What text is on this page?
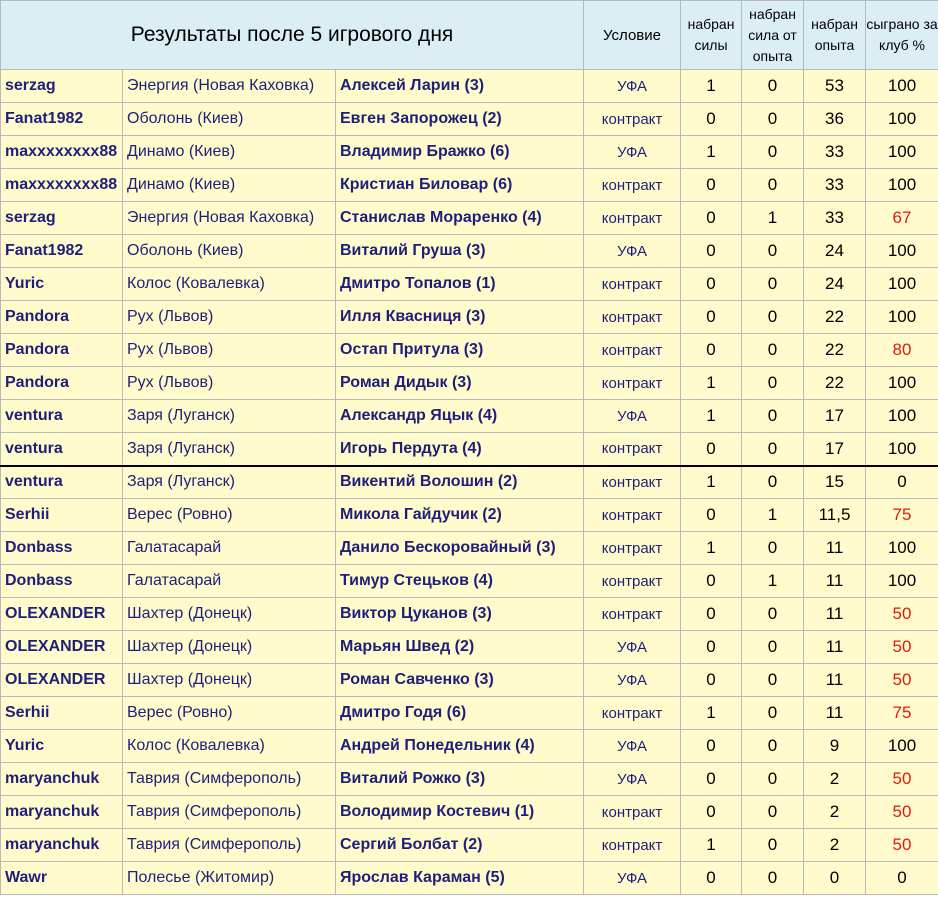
Результаты после 5 игрового дня			Условие	набран силы	набран сила от опыта	набран опыта	сыграно за клуб %
serzag	Энергия (Новая Каховка)	Алексей Ларин (3)	УФА	1	0	53	100
Fanat1982	Оболонь (Киев)	Евген Запорожец (2)	контракт	0	0	36	100
maxxxxxxxx88	Динамо (Киев)	Владимир Бражко (6)	УФА	1	0	33	100
maxxxxxxxx88	Динамо (Киев)	Кристиан Биловар (6)	контракт	0	0	33	100
serzag	Энергия (Новая Каховка)	Станислав Мораренко (4)	контракт	0	1	33	67
Fanat1982	Оболонь (Киев)	Виталий Груша (3)	УФА	0	0	24	100
Yuric	Колос (Ковалевка)	Дмитро Топалов (1)	контракт	0	0	24	100
Pandora	Рух (Львов)	Илля Квасниця (3)	контракт	0	0	22	100
Pandora	Рух (Львов)	Остап Притула (3)	контракт	0	0	22	80
Pandora	Рух (Львов)	Роман Дидык (3)	контракт	1	0	22	100
ventura	Заря (Луганск)	Александр Яцык (4)	УФА	1	0	17	100
ventura	Заря (Луганск)	Игорь Пердута (4)	контракт	0	0	17	100
ventura	Заря (Луганск)	Викентий Волошин (2)	контракт	1	0	15	0
Serhii	Верес (Ровно)	Микола Гайдучик (2)	контракт	0	1	11,5	75
Donbass	Галатасарай	Данило Бескоровайный (3)	контракт	1	0	11	100
Donbass	Галатасарай	Тимур Стецьков (4)	контракт	0	1	11	100
OLEXANDER	Шахтер (Донецк)	Виктор Цуканов (3)	контракт	0	0	11	50
OLEXANDER	Шахтер (Донецк)	Марьян Швед (2)	УФА	0	0	11	50
OLEXANDER	Шахтер (Донецк)	Роман Савченко (3)	УФА	0	0	11	50
Serhii	Верес (Ровно)	Дмитро Годя (6)	контракт	1	0	11	75
Yuric	Колос (Ковалевка)	Андрей Понедельник (4)	УФА	0	0	9	100
maryanchuk	Таврия (Симферополь)	Виталий Рожко (3)	УФА	0	0	2	50
maryanchuk	Таврия (Симферополь)	Володимир Костевич (1)	контракт	0	0	2	50
maryanchuk	Таврия (Симферополь)	Сергий Болбат (2)	контракт	1	0	2	50
Wawr	Полесье (Житомир)	Ярослав Караман (5)	УФА	0	0	0	0
